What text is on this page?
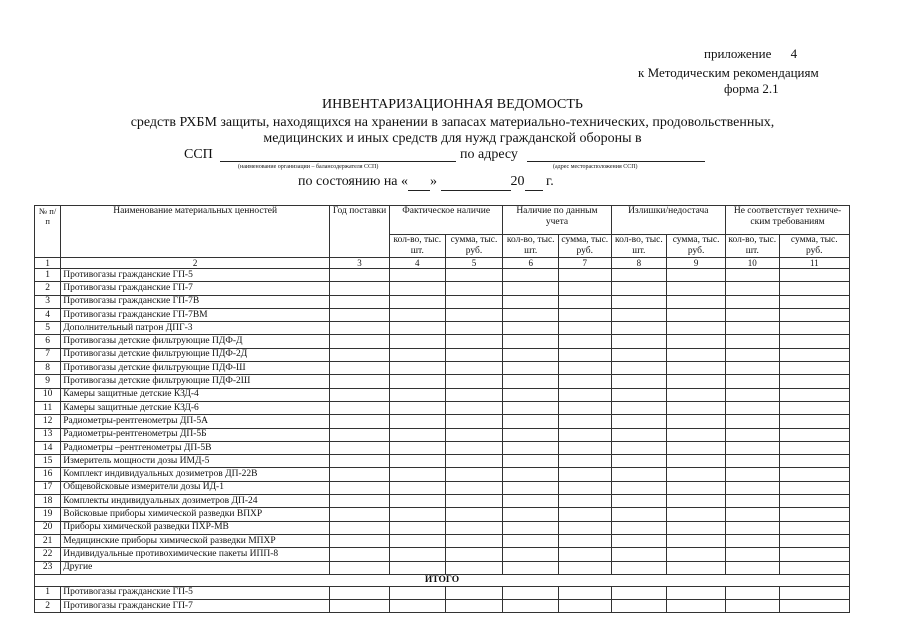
приложение 4
к Методическим рекомендациям
форма 2.1
ИНВЕНТАРИЗАЦИОННАЯ ВЕДОМОСТЬ
средств РХБМ защиты, находящихся на хранении в запасах материально-технических, продовольственных,
медицинских и иных средств для нужд гражданской обороны в
ССП	по адресу
(наименование организации – балансодержателя ССП)	(адрес месторасположения ССП)
по состоянию на « »	20 г.
№ п/п	Наименование материальных ценностей	Год поставки	Фактическое наличие		Наличие по данным учета		Излишки/недостача		Не соответствует техниче-ским требованиям	
			кол-во, тыс. шт.	сумма, тыс. руб.	кол-во, тыс. шт.	сумма, тыс. руб.	кол-во, тыс. шт.	сумма, тыс. руб.	кол-во, тыс. шт.	сумма, тыс. руб.
1	2	3	4	5	6	7	8	9	10	11
1	Противогазы гражданские ГП-5									
2	Противогазы гражданские ГП-7									
3	Противогазы гражданские ГП-7В									
4	Противогазы гражданские ГП-7ВМ									
5	Дополнительный патрон ДПГ-3									
6	Противогазы детские фильтрующие ПДФ-Д									
7	Противогазы детские фильтрующие ПДФ-2Д									
8	Противогазы детские фильтрующие ПДФ-Ш									
9	Противогазы детские фильтрующие ПДФ-2Ш									
10	Камеры защитные детские КЗД-4									
11	Камеры защитные детские КЗД-6									
12	Радиометры-рентгенометры ДП-5А									
13	Радиометры-рентгенометры ДП-5Б									
14	Радиометры –рентгенометры ДП-5В									
15	Измеритель мощности дозы ИМД-5									
16	Комплект индивидуальных дозиметров ДП-22В									
17	Общевойсковые измерители дозы ИД-1									
18	Комплекты индивидуальных дозиметров ДП-24									
19	Войсковые приборы химической разведки ВПХР									
20	Приборы химической разведки ПХР-МВ									
21	Медицинские приборы химической разведки МПХР									
22	Индивидуальные противохимические пакеты ИПП-8									
23	Другие									
ИТОГО										
1	Противогазы гражданские ГП-5									
2	Противогазы гражданские ГП-7									
